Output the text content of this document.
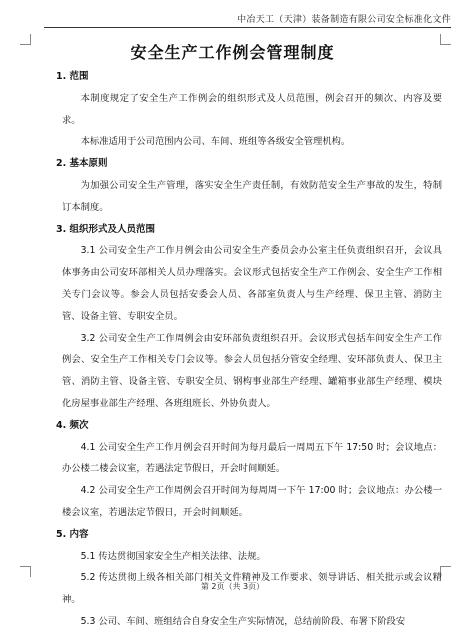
中冶天工（天津）装备制造有限公司安全标准化文件
安全生产工作例会管理制度
1. 范围

本制度规定了安全生产工作例会的组织形式及人员范围，例会召开的频次、内容及要求。

本标准适用于公司范围内公司、车间、班组等各级安全管理机构。

2. 基本原则

为加强公司安全生产管理，落实安全生产责任制，有效防范安全生产事故的发生，特制订本制度。

3. 组织形式及人员范围

3.1 公司安全生产工作月例会由公司安全生产委员会办公室主任负责组织召开，会议具体事务由公司安环部相关人员办理落实。会议形式包括安全生产工作例会、安全生产工作相关专门会议等。参会人员包括安委会人员、各部室负责人与生产经理、保卫主管、消防主管、设备主管、专职安全员。

3.2 公司安全生产工作周例会由安环部负责组织召开。会议形式包括车间安全生产工作例会、安全生产工作相关专门会议等。参会人员包括分管安全经理、安环部负责人、保卫主管、消防主管、设备主管、专职安全员、钢构事业部生产经理、罐箱事业部生产经理、模块化房屋事业部生产经理、各班组班长、外协负责人。

4. 频次

4.1 公司安全生产工作月例会召开时间为每月最后一周周五下午 17:50 时；会议地点：办公楼二楼会议室，若遇法定节假日，开会时间顺延。

4.2 公司安全生产工作周例会召开时间为每周周一下午 17:00 时；会议地点：办公楼一楼会议室，若遇法定节假日，开会时间顺延。

5. 内容

5.1 传达贯彻国家安全生产相关法律、法规。

5.2 传达贯彻上级各相关部门相关文件精神及工作要求、领导讲话、相关批示或会议精神。

5.3 公司、车间、班组结合自身安全生产实际情况，总结前阶段、布署下阶段安

第 2页（共 3页）
